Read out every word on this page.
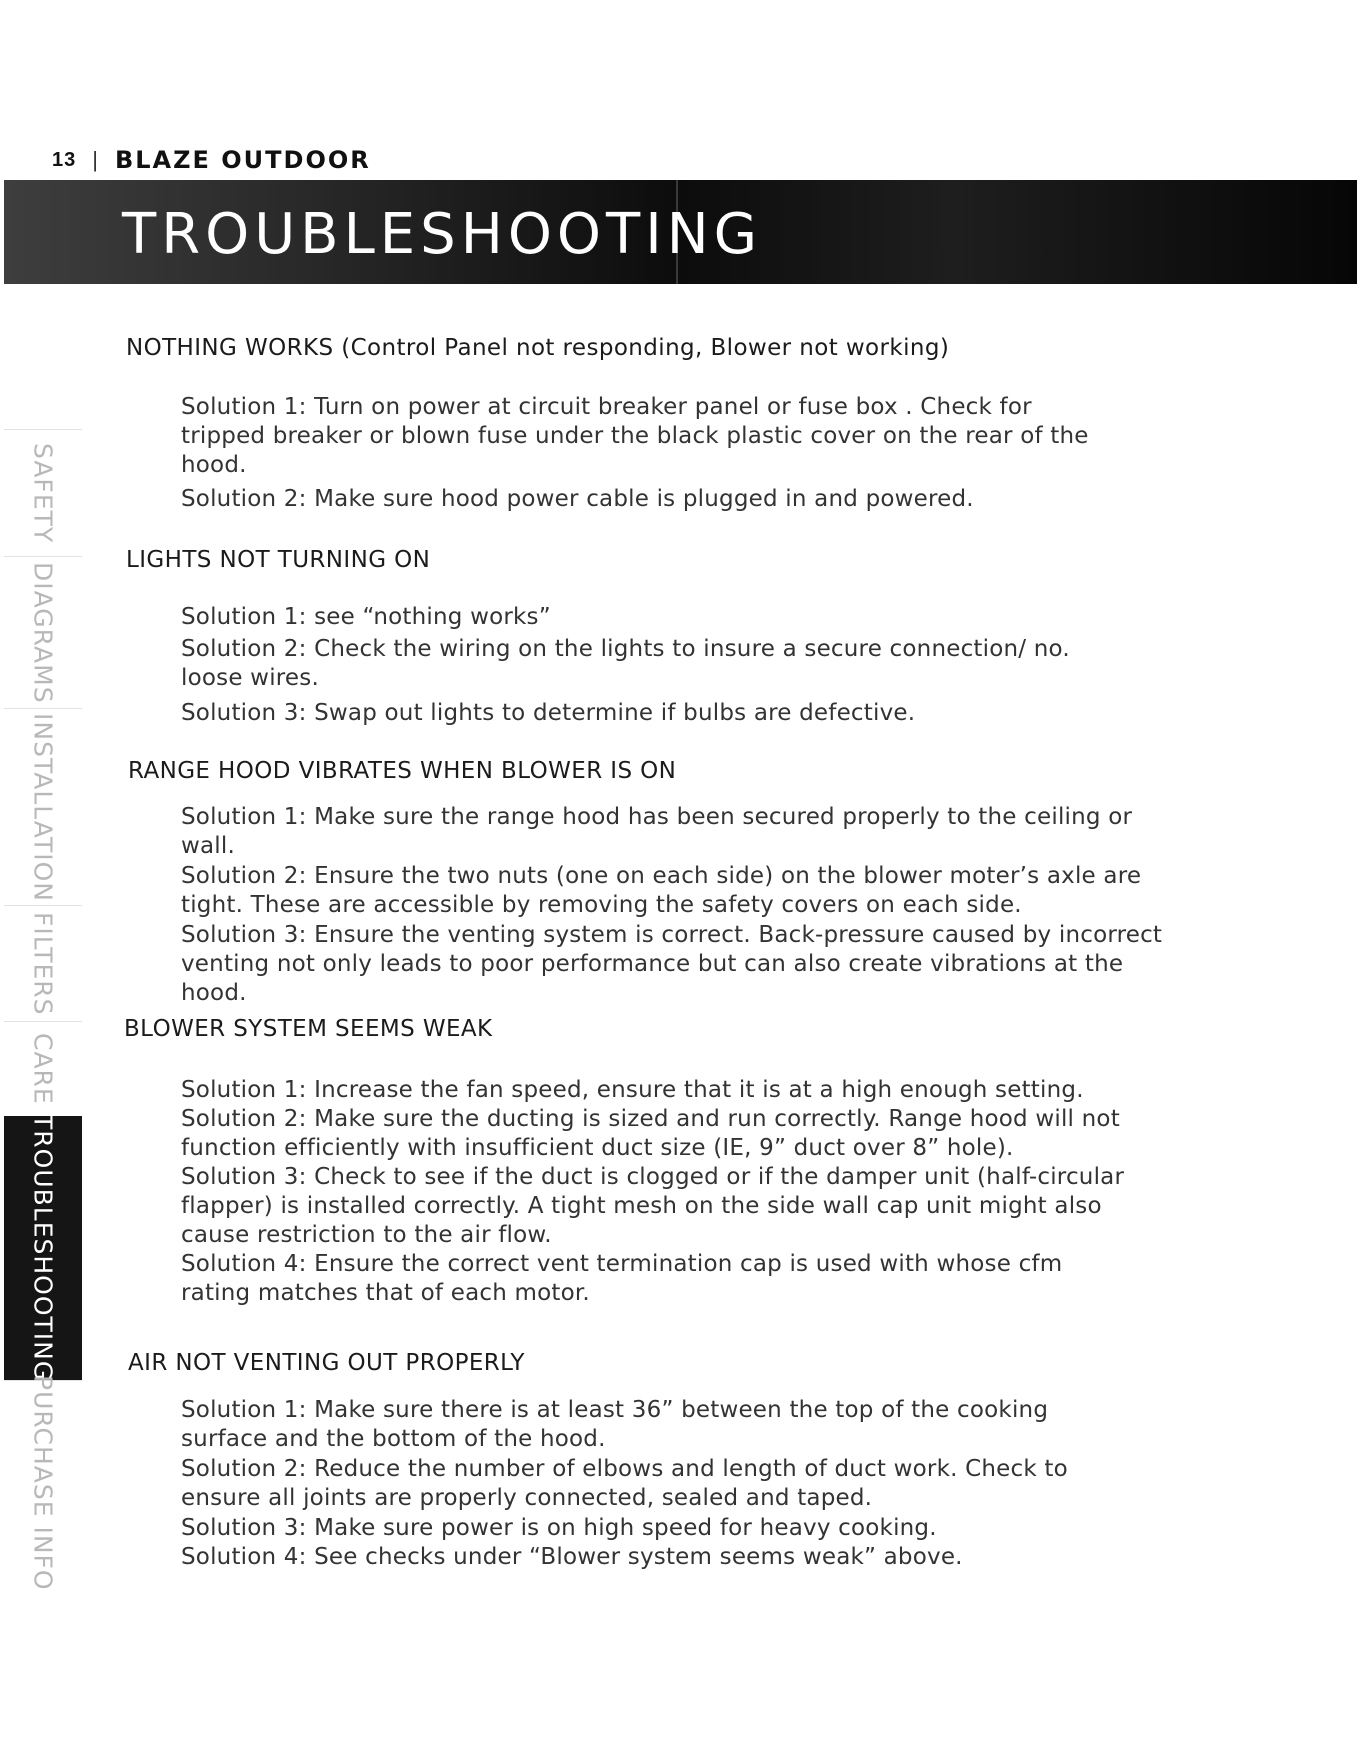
13 | BLAZE OUTDOOR
TROUBLESHOOTING
SAFETY
DIAGRAMS
INSTALLATION
FILTERS
CARE
TROUBLESHOOTING
PURCHASE INFO
NOTHING WORKS (Control Panel not responding, Blower not working)

Solution 1: Turn on power at circuit breaker panel or fuse box . Check for tripped breaker or blown fuse under the black plastic cover on the rear of the hood.

Solution 2: Make sure hood power cable is plugged in and powered.

LIGHTS NOT TURNING ON

Solution 1: see “nothing works”

Solution 2: Check the wiring on the lights to insure a secure connection/ no. loose wires.

Solution 3: Swap out lights to determine if bulbs are defective.

RANGE HOOD VIBRATES WHEN BLOWER IS ON

Solution 1: Make sure the range hood has been secured properly to the ceiling or wall.

Solution 2: Ensure the two nuts (one on each side) on the blower moter’s axle are tight. These are accessible by removing the safety covers on each side.

Solution 3: Ensure the venting system is correct. Back-pressure caused by incorrect venting not only leads to poor performance but can also create vibrations at the hood.

BLOWER SYSTEM SEEMS WEAK

Solution 1: Increase the fan speed, ensure that it is at a high enough setting.

Solution 2: Make sure the ducting is sized and run correctly. Range hood will not function efficiently with insufficient duct size (IE, 9” duct over 8” hole).

Solution 3: Check to see if the duct is clogged or if the damper unit (half-circular flapper) is installed correctly. A tight mesh on the side wall cap unit might also cause restriction to the air flow.

Solution 4: Ensure the correct vent termination cap is used with whose cfm rating matches that of each motor.

AIR NOT VENTING OUT PROPERLY

Solution 1: Make sure there is at least 36” between the top of the cooking surface and the bottom of the hood.

Solution 2: Reduce the number of elbows and length of duct work. Check to ensure all joints are properly connected, sealed and taped.

Solution 3: Make sure power is on high speed for heavy cooking.

Solution 4: See checks under “Blower system seems weak” above.
